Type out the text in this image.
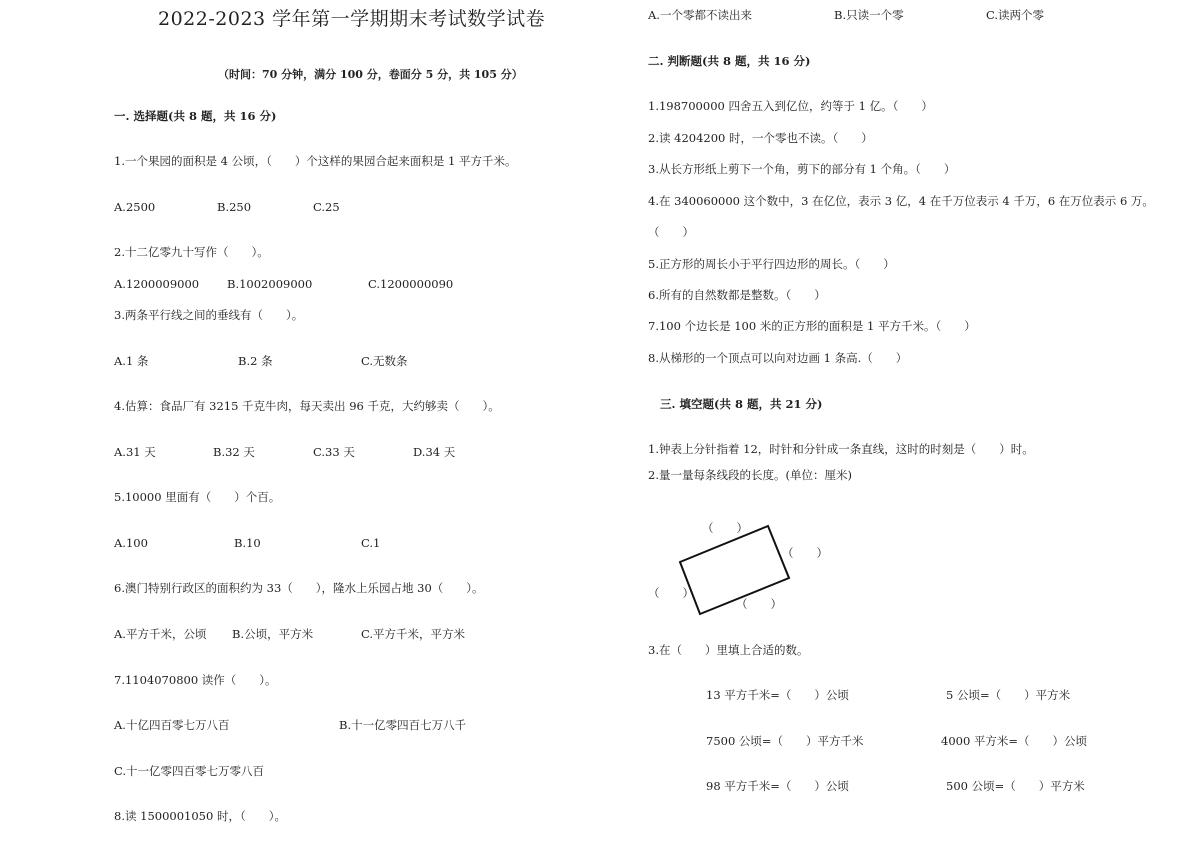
2022-2023 学年第一学期期末考试数学试卷
（时间：70 分钟，满分 100 分，卷面分 5 分，共 105 分）
一. 选择题(共 8 题，共 16 分)
1.一个果园的面积是 4 公顷，（　　）个这样的果园合起来面积是 1 平方千米。
A.2500	B.250	C.25
2.十二亿零九十写作（　　）。
A.1200009000 B.1002009000	C.1200000090
3.两条平行线之间的垂线有（　　）。
A.1 条	B.2 条	C.无数条
4.估算：食品厂有 3215 千克牛肉，每天卖出 96 千克，大约够卖（　　）。
A.31 天	B.32 天	C.33 天	D.34 天
5.10000 里面有（　　）个百。
A.100	B.10	C.1
6.澳门特别行政区的面积约为 33（　　），隆水上乐园占地 30（　　）。
A.平方千米，公顷 B.公顷，平方米	C.平方千米，平方米
7.1104070800 读作（　　）。
A.十亿四百零七万八百	B.十一亿零四百七万八千
C.十一亿零四百零七万零八百
8.读 1500001050 时，（　　）。
A.一个零都不读出来	B.只读一个零	C.读两个零
二. 判断题(共 8 题，共 16 分)
1.198700000 四舍五入到亿位，约等于 1 亿。（　　）
2.读 4204200 时，一个零也不读。（　　）
3.从长方形纸上剪下一个角，剪下的部分有 1 个角。（　　）
4.在 340060000 这个数中，3 在亿位，表示 3 亿，4 在千万位表示 4 千万，6 在万位表示 6 万。
（　　）
5.正方形的周长小于平行四边形的周长。（　　）
6.所有的自然数都是整数。（　　）
7.100 个边长是 100 米的正方形的面积是 1 平方千米。（　　）
8.从梯形的一个顶点可以向对边画 1 条高.（　　）
三. 填空题(共 8 题，共 21 分)
1.钟表上分针指着 12，时针和分针成一条直线，这时的时刻是（　　）时。
2.量一量每条线段的长度。(单位：厘米)
（　　）
（　　）
（　　）
（　　）
3.在（　　）里填上合适的数。
13 平方千米=（　　）公顷	5 公顷=（　　）平方米
7500 公顷=（　　）平方千米	4000 平方米=（　　）公顷
98 平方千米=（　　）公顷	500 公顷=（　　）平方米
